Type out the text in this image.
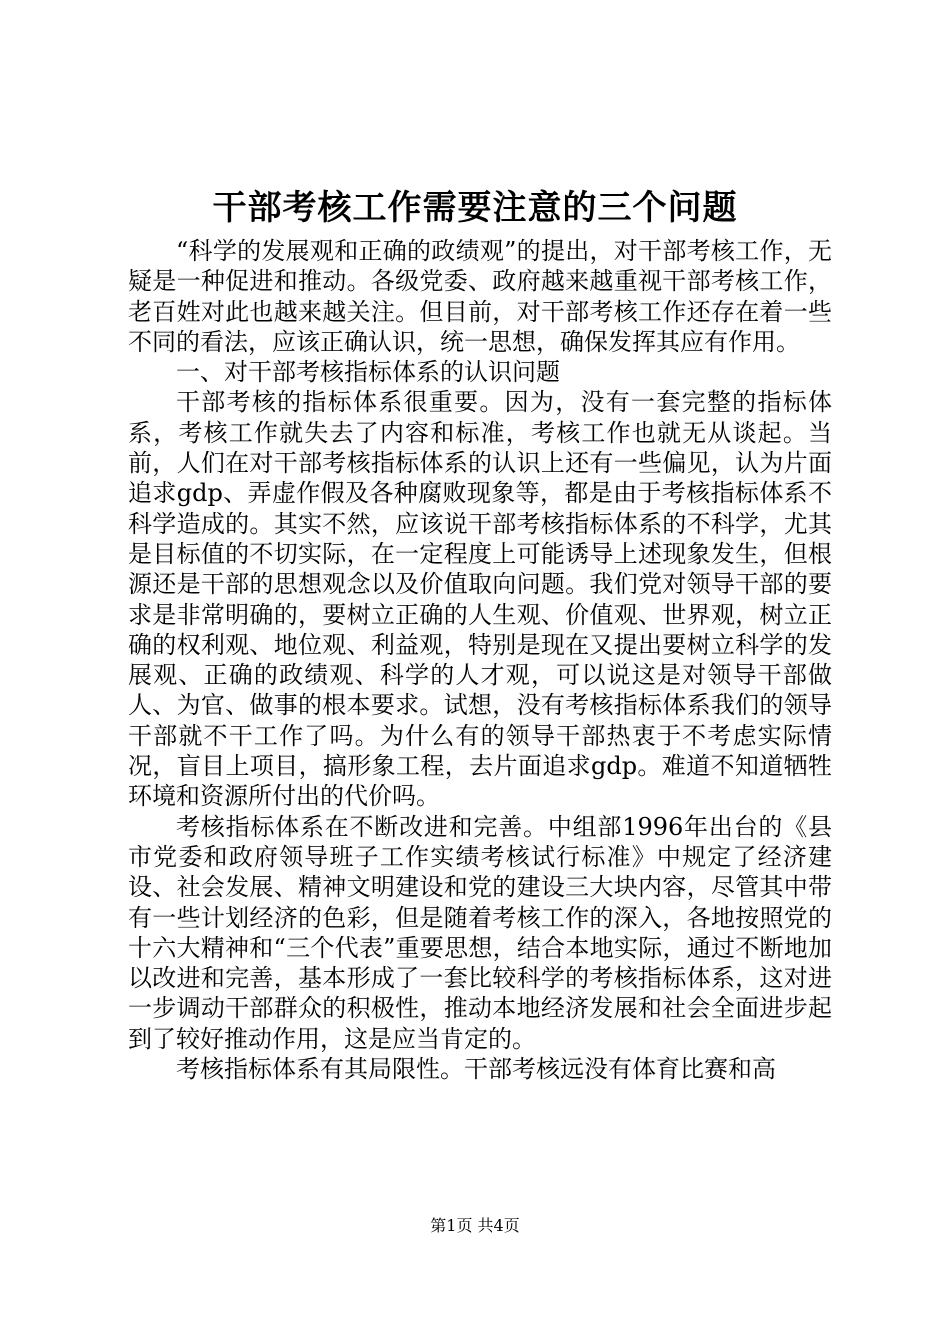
干部考核工作需要注意的三个问题

“科学的发展观和正确的政绩观”的提出，对干部考核工作，无疑是一种促进和推动。各级党委、政府越来越重视干部考核工作，老百姓对此也越来越关注。但目前，对干部考核工作还存在着一些不同的看法，应该正确认识，统一思想，确保发挥其应有作用。

一、对干部考核指标体系的认识问题

干部考核的指标体系很重要。因为，没有一套完整的指标体系，考核工作就失去了内容和标准，考核工作也就无从谈起。当前，人们在对干部考核指标体系的认识上还有一些偏见，认为片面追求gdp、弄虚作假及各种腐败现象等，都是由于考核指标体系不科学造成的。其实不然，应该说干部考核指标体系的不科学，尤其是目标值的不切实际，在一定程度上可能诱导上述现象发生，但根源还是干部的思想观念以及价值取向问题。我们党对领导干部的要求是非常明确的，要树立正确的人生观、价值观、世界观，树立正确的权利观、地位观、利益观，特别是现在又提出要树立科学的发展观、正确的政绩观、科学的人才观，可以说这是对领导干部做人、为官、做事的根本要求。试想，没有考核指标体系我们的领导干部就不干工作了吗。为什么有的领导干部热衷于不考虑实际情况，盲目上项目，搞形象工程，去片面追求gdp。难道不知道牺牲环境和资源所付出的代价吗。

考核指标体系在不断改进和完善。中组部1996年出台的《县市党委和政府领导班子工作实绩考核试行标准》中规定了经济建设、社会发展、精神文明建设和党的建设三大块内容，尽管其中带有一些计划经济的色彩，但是随着考核工作的深入，各地按照党的十六大精神和“三个代表”重要思想，结合本地实际，通过不断地加以改进和完善，基本形成了一套比较科学的考核指标体系，这对进一步调动干部群众的积极性，推动本地经济发展和社会全面进步起到了较好推动作用，这是应当肯定的。

考核指标体系有其局限性。干部考核远没有体育比赛和高

第1页 共4页
